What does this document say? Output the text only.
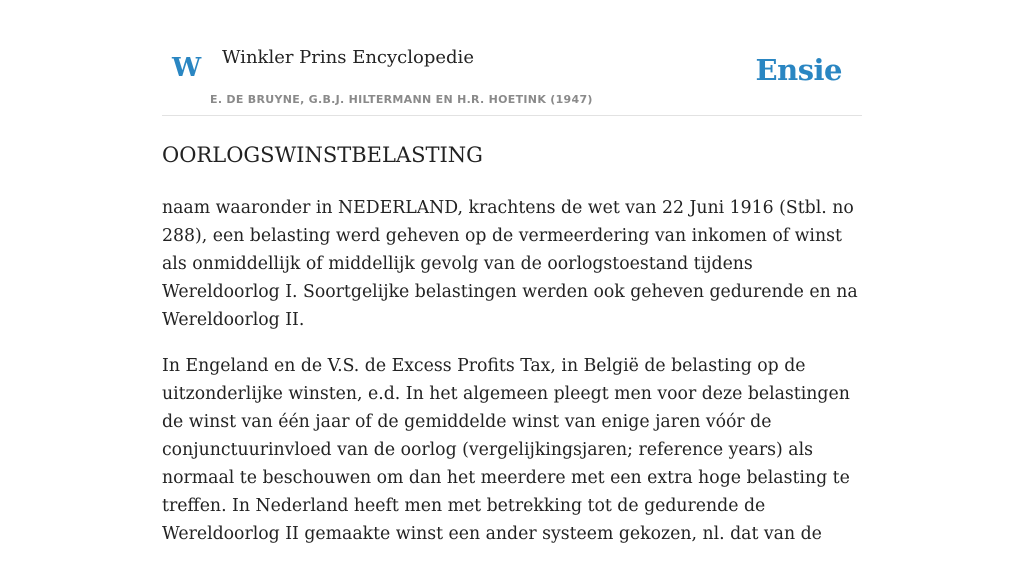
W Winkler Prins Encyclopedie
E. DE BRUYNE, G.B.J. HILTERMANN EN H.R. HOETINK (1947)
Ensie
OORLOGSWINSTBELASTING

naam waaronder in NEDERLAND, krachtens de wet van 22 Juni 1916 (Stbl. no 288), een belasting werd geheven op de vermeerdering van inkomen of winst als onmiddellijk of middellijk gevolg van de oorlogstoestand tijdens Wereldoorlog I. Soortgelijke belastingen werden ook geheven gedurende en na Wereldoorlog II.

In Engeland en de V.S. de Excess Profits Tax, in België de belasting op de uitzonderlijke winsten, e.d. In het algemeen pleegt men voor deze belastingen de winst van één jaar of de gemiddelde winst van enige jaren vóór de conjunctuurinvloed van de oorlog (vergelijkingsjaren; reference years) als normaal te beschouwen om dan het meerdere met een extra hoge belasting te treffen. In Nederland heeft men met betrekking tot de gedurende de Wereldoorlog II gemaakte winst een ander systeem gekozen, nl. dat van de
